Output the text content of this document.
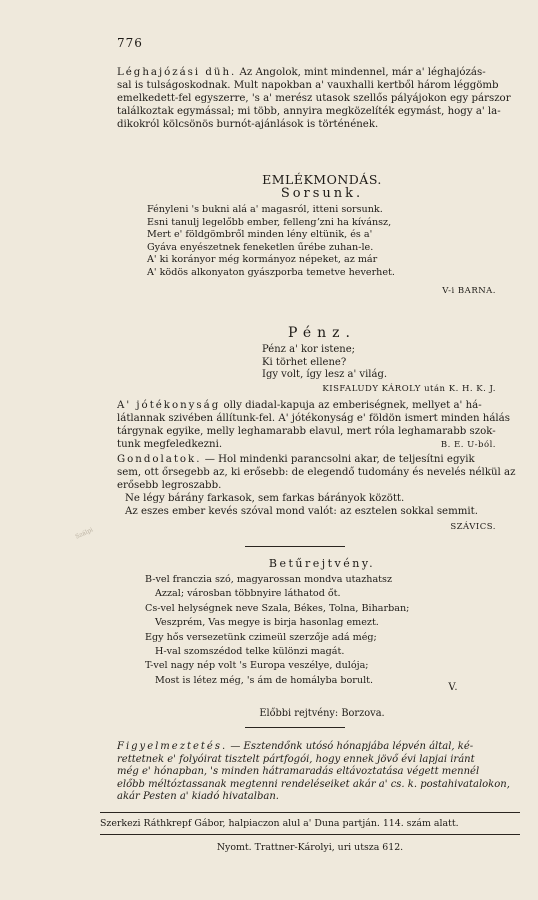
776
Léghajózási düh. Az Angolok, mint mindennel, már a' léghajózás-
sal is tulságoskodnak. Mult napokban a' vauxhalli kertből három léggömb
emelkedett-fel egyszerre, 's a' merész utasok szellős pályájokon egy párszor
találkoztak egymással; mi több, annyira megközelíték egymást, hogy a' la-
dikokról kölcsönös burnót-ajánlások is történének.
EMLÉKMONDÁS.
Sorsunk.
Fényleni 's bukni alá a' magasról, itteni sorsunk.
Esni tanulj legelőbb ember, fellengʼzni ha kívánsz,
Mert e' földgömbről minden lény eltünik, és a'
Gyáva enyészetnek feneketlen űrébe zuhan-le.
A' ki korányor még kormányoz népeket, az már
A' ködös alkonyaton gyászporba temetve heverhet.
V-i BARNA.
Pénz.
Pénz a' kor istene;
Ki törhet ellene?
Igy volt, így lesz a' világ.
KISFALUDY KÁROLY után K. H. K. J.
A' jótékonyság olly diadal-kapuja az emberiségnek, mellyet a' há-
látlannak szivében állítunk-fel. A' jótékonyság e' földön ismert minden hálás
tárgynak egyike, melly leghamarabb elavul, mert róla leghamarabb szok-
tunk megfeledkezni.	B. E. U-ból.
Gondolatok. — Hol mindenki parancsolni akar, de teljesítni egyik
sem, ott őrsegebb az, ki erősebb: de elegendő tudomány és nevelés nélkül az
erősebb legroszabb.
Ne légy bárány farkasok, sem farkas bárányok között.
Az eszes ember kevés szóval mond valót: az esztelen sokkal semmit.
SZÁVICS.
Szálpi
Betűrejtvény.
B-vel franczia szó, magyarossan mondva utazhatsz
Azzal; városban többnyire láthatod őt.
Cs-vel helységnek neve Szala, Békes, Tolna, Biharban;
Veszprém, Vas megye is birja hasonlag emezt.
Egy hős versezetünk czimeül szerzője adá még;
H-val szomszédod telke különzi magát.
T-vel nagy nép volt 's Europa veszélye, dulója;
Most is létez még, 's ám de homályba borult.
V.
Előbbi rejtvény: Borzova.
Figyelmeztetés. — Esztendőnk utósó hónapjába lépvén által, ké-
rettetnek e' folyóirat tisztelt pártfogói, hogy ennek jövő évi lapjai iránt
még e' hónapban, 's minden hátramaradás eltávoztatása végett mennél
előbb méltóztassanak megtenni rendeléseiket akár a' cs. k. postahivatalokon,
akár Pesten a' kiadó hivatalban.
Szerkezi Ráthkrepf Gábor, halpiaczon alul a' Duna partján. 114. szám alatt.
Nyomt. Trattner-Károlyi, uri utsza 612.
